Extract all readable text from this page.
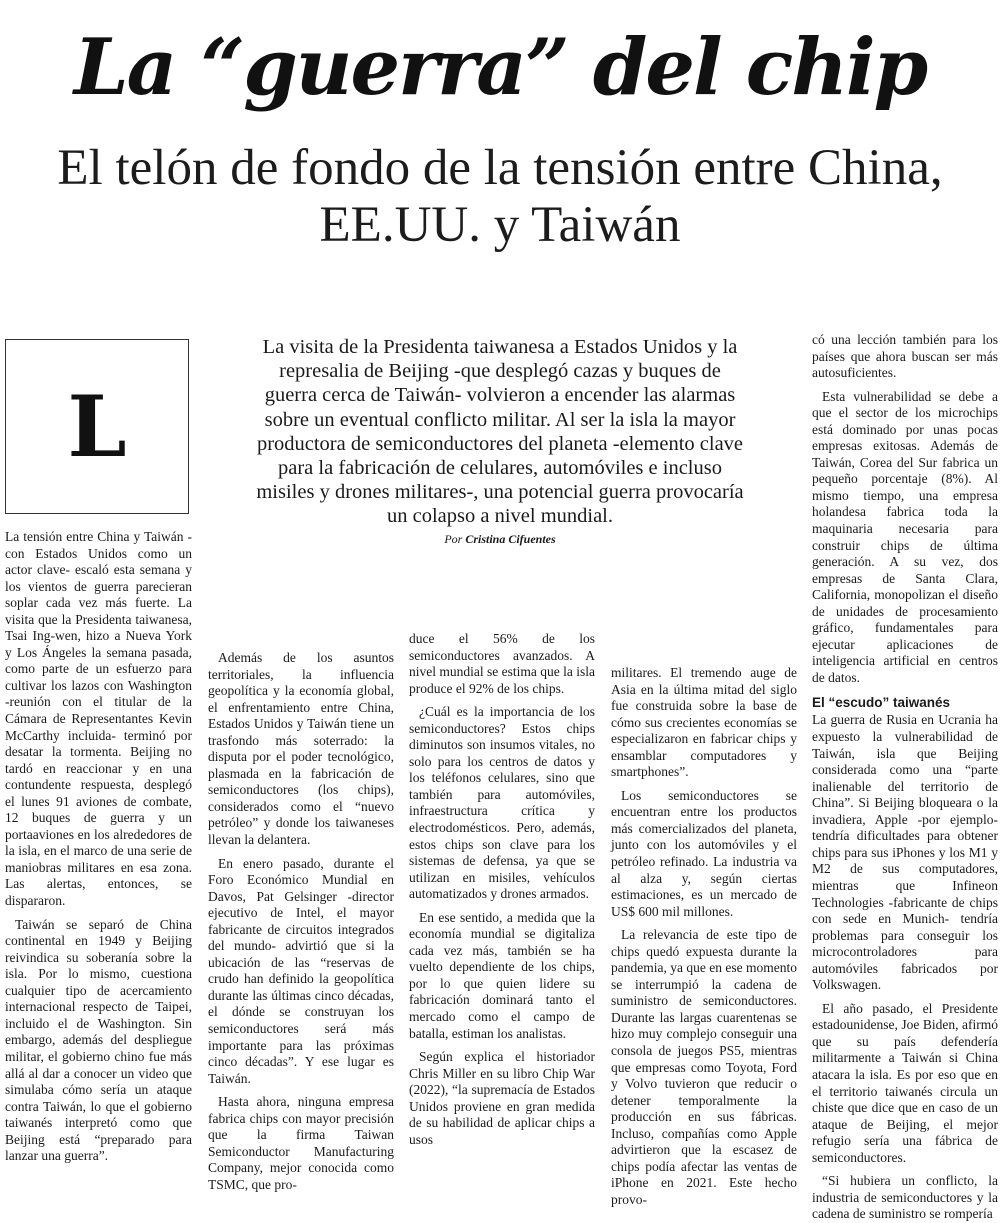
La “guerra” del chip
El telón de fondo de la tensión entre China, EE.UU. y Taiwán
L
La visita de la Presidenta taiwanesa a Estados Unidos y la represalia de Beijing -que desplegó cazas y buques de guerra cerca de Taiwán- volvieron a encender las alarmas sobre un eventual conflicto militar. Al ser la isla la mayor productora de semiconductores del planeta -elemento clave para la fabricación de celulares, automóviles e incluso misiles y drones militares-, una potencial guerra provocaría un colapso a nivel mundial.
Por Cristina Cifuentes

La tensión entre China y Taiwán -con Estados Unidos como un actor clave- escaló esta semana y los vientos de guerra parecieran soplar cada vez más fuerte. La visita que la Presidenta taiwanesa, Tsai Ing-wen, hizo a Nueva York y Los Ángeles la semana pasada, como parte de un esfuerzo para cultivar los lazos con Washington -reunión con el titular de la Cámara de Representantes Kevin McCarthy incluida- terminó por desatar la tormenta. Beijing no tardó en reaccionar y en una contundente respuesta, desplegó el lunes 91 aviones de combate, 12 buques de guerra y un portaaviones en los alrededores de la isla, en el marco de una serie de maniobras militares en esa zona. Las alertas, entonces, se dispararon.

Taiwán se separó de China continental en 1949 y Beijing reivindica su soberanía sobre la isla. Por lo mismo, cuestiona cualquier tipo de acercamiento internacional respecto de Taipei, incluido el de Washington. Sin embargo, además del despliegue militar, el gobierno chino fue más allá al dar a conocer un video que simulaba cómo sería un ataque contra Taiwán, lo que el gobierno taiwanés interpretó como que Beijing está “preparado para lanzar una guerra”.

Además de los asuntos territoriales, la influencia geopolítica y la economía global, el enfrentamiento entre China, Estados Unidos y Taiwán tiene un trasfondo más soterrado: la disputa por el poder tecnológico, plasmada en la fabricación de semiconductores (los chips), considerados como el “nuevo petróleo” y donde los taiwaneses llevan la delantera.

En enero pasado, durante el Foro Económico Mundial en Davos, Pat Gelsinger -director ejecutivo de Intel, el mayor fabricante de circuitos integrados del mundo- advirtió que si la ubicación de las “reservas de crudo han definido la geopolítica durante las últimas cinco décadas, el dónde se construyan los semiconductores será más importante para las próximas cinco décadas”. Y ese lugar es Taiwán.

Hasta ahora, ninguna empresa fabrica chips con mayor precisión que la firma Taiwan Semiconductor Manufacturing Company, mejor conocida como TSMC, que pro-

duce el 56% de los semiconductores avanzados. A nivel mundial se estima que la isla produce el 92% de los chips.

¿Cuál es la importancia de los semiconductores? Estos chips diminutos son insumos vitales, no solo para los centros de datos y los teléfonos celulares, sino que también para automóviles, infraestructura crítica y electrodomésticos. Pero, además, estos chips son clave para los sistemas de defensa, ya que se utilizan en misiles, vehículos automatizados y drones armados.

En ese sentido, a medida que la economía mundial se digitaliza cada vez más, también se ha vuelto dependiente de los chips, por lo que quien lidere su fabricación dominará tanto el mercado como el campo de batalla, estiman los analistas.

Según explica el historiador Chris Miller en su libro Chip War (2022), “la supremacía de Estados Unidos proviene en gran medida de su habilidad de aplicar chips a usos

militares. El tremendo auge de Asia en la última mitad del siglo fue construida sobre la base de cómo sus crecientes economías se especializaron en fabricar chips y ensamblar computadores y smartphones”.

Los semiconductores se encuentran entre los productos más comercializados del planeta, junto con los automóviles y el petróleo refinado. La industria va al alza y, según ciertas estimaciones, es un mercado de US$ 600 mil millones.

La relevancia de este tipo de chips quedó expuesta durante la pandemia, ya que en ese momento se interrumpió la cadena de suministro de semiconductores. Durante las largas cuarentenas se hizo muy complejo conseguir una consola de juegos PS5, mientras que empresas como Toyota, Ford y Volvo tuvieron que reducir o detener temporalmente la producción en sus fábricas. Incluso, compañías como Apple advirtieron que la escasez de chips podía afectar las ventas de iPhone en 2021. Este hecho provo-

có una lección también para los países que ahora buscan ser más autosuficientes.

Esta vulnerabilidad se debe a que el sector de los microchips está dominado por unas pocas empresas exitosas. Además de Taiwán, Corea del Sur fabrica un pequeño porcentaje (8%). Al mismo tiempo, una empresa holandesa fabrica toda la maquinaria necesaria para construir chips de última generación. A su vez, dos empresas de Santa Clara, California, monopolizan el diseño de unidades de procesamiento gráfico, fundamentales para ejecutar aplicaciones de inteligencia artificial en centros de datos.

El “escudo” taiwanés

La guerra de Rusia en Ucrania ha expuesto la vulnerabilidad de Taiwán, isla que Beijing considerada como una “parte inalienable del territorio de China”. Si Beijing bloqueara o la invadiera, Apple -por ejemplo- tendría dificultades para obtener chips para sus iPhones y los M1 y M2 de sus computadores, mientras que Infineon Technologies -fabricante de chips con sede en Munich- tendría problemas para conseguir los microcontroladores para automóviles fabricados por Volkswagen.

El año pasado, el Presidente estadounidense, Joe Biden, afirmó que su país defendería militarmente a Taiwán si China atacara la isla. Es por eso que en el territorio taiwanés circula un chiste que dice que en caso de un ataque de Beijing, el mejor refugio sería una fábrica de semiconductores.

“Si hubiera un conflicto, la industria de semiconductores y la cadena de suministro se rompería
